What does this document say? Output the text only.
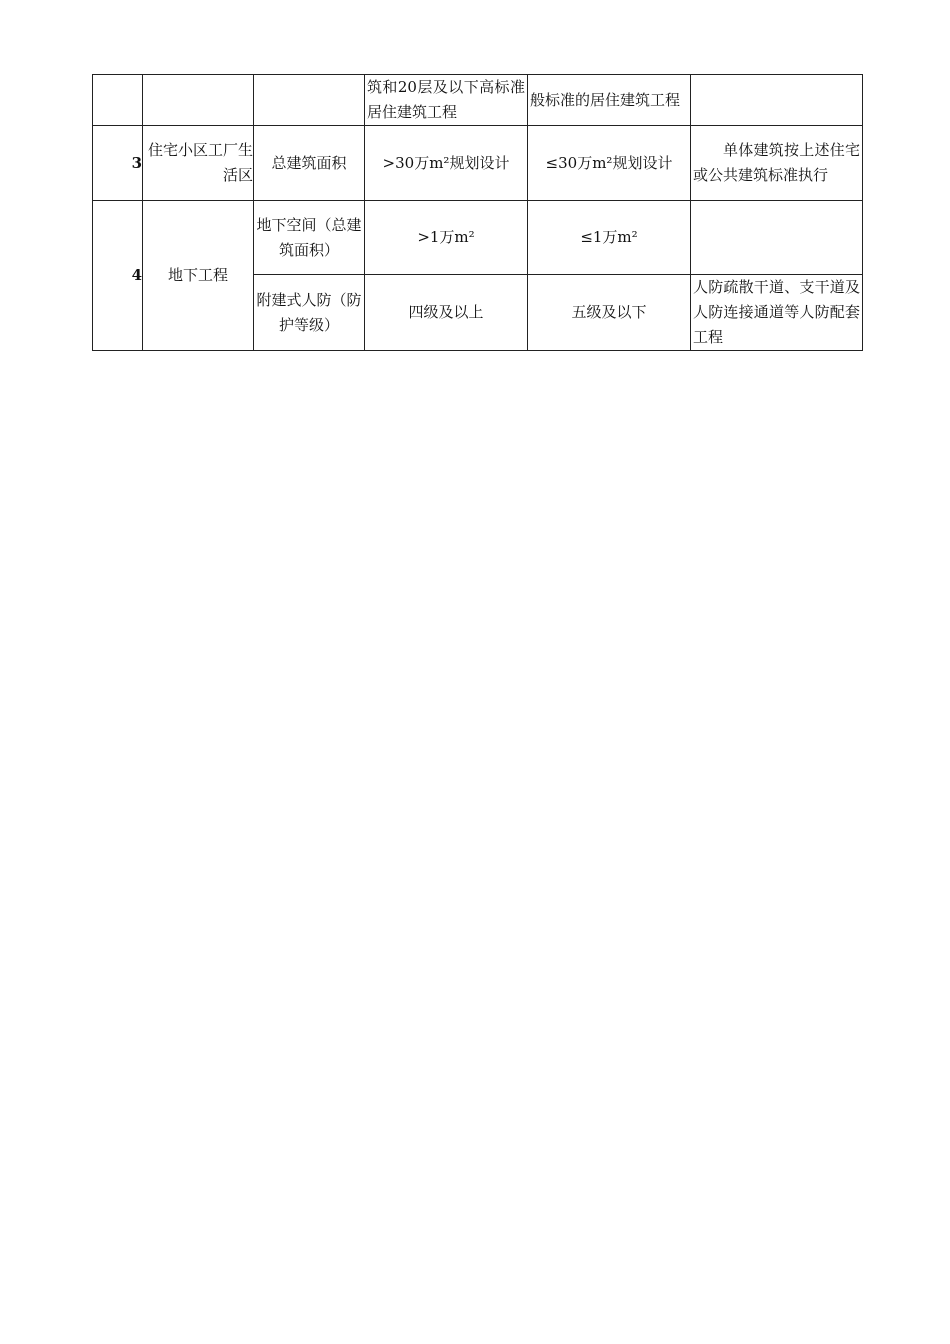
			筑和20层及以下高标准居住建筑工程	般标准的居住建筑工程	
3	住宅小区工厂生活区	总建筑面积	>30万m²规划设计	≤30万m²规划设计	单体建筑按上述住宅或公共建筑标准执行
4	地下工程	地下空间（总建筑面积）	>1万m²	≤1万m²	
		附建式人防（防护等级）	四级及以上	五级及以下	人防疏散干道、支干道及人防连接通道等人防配套工程
